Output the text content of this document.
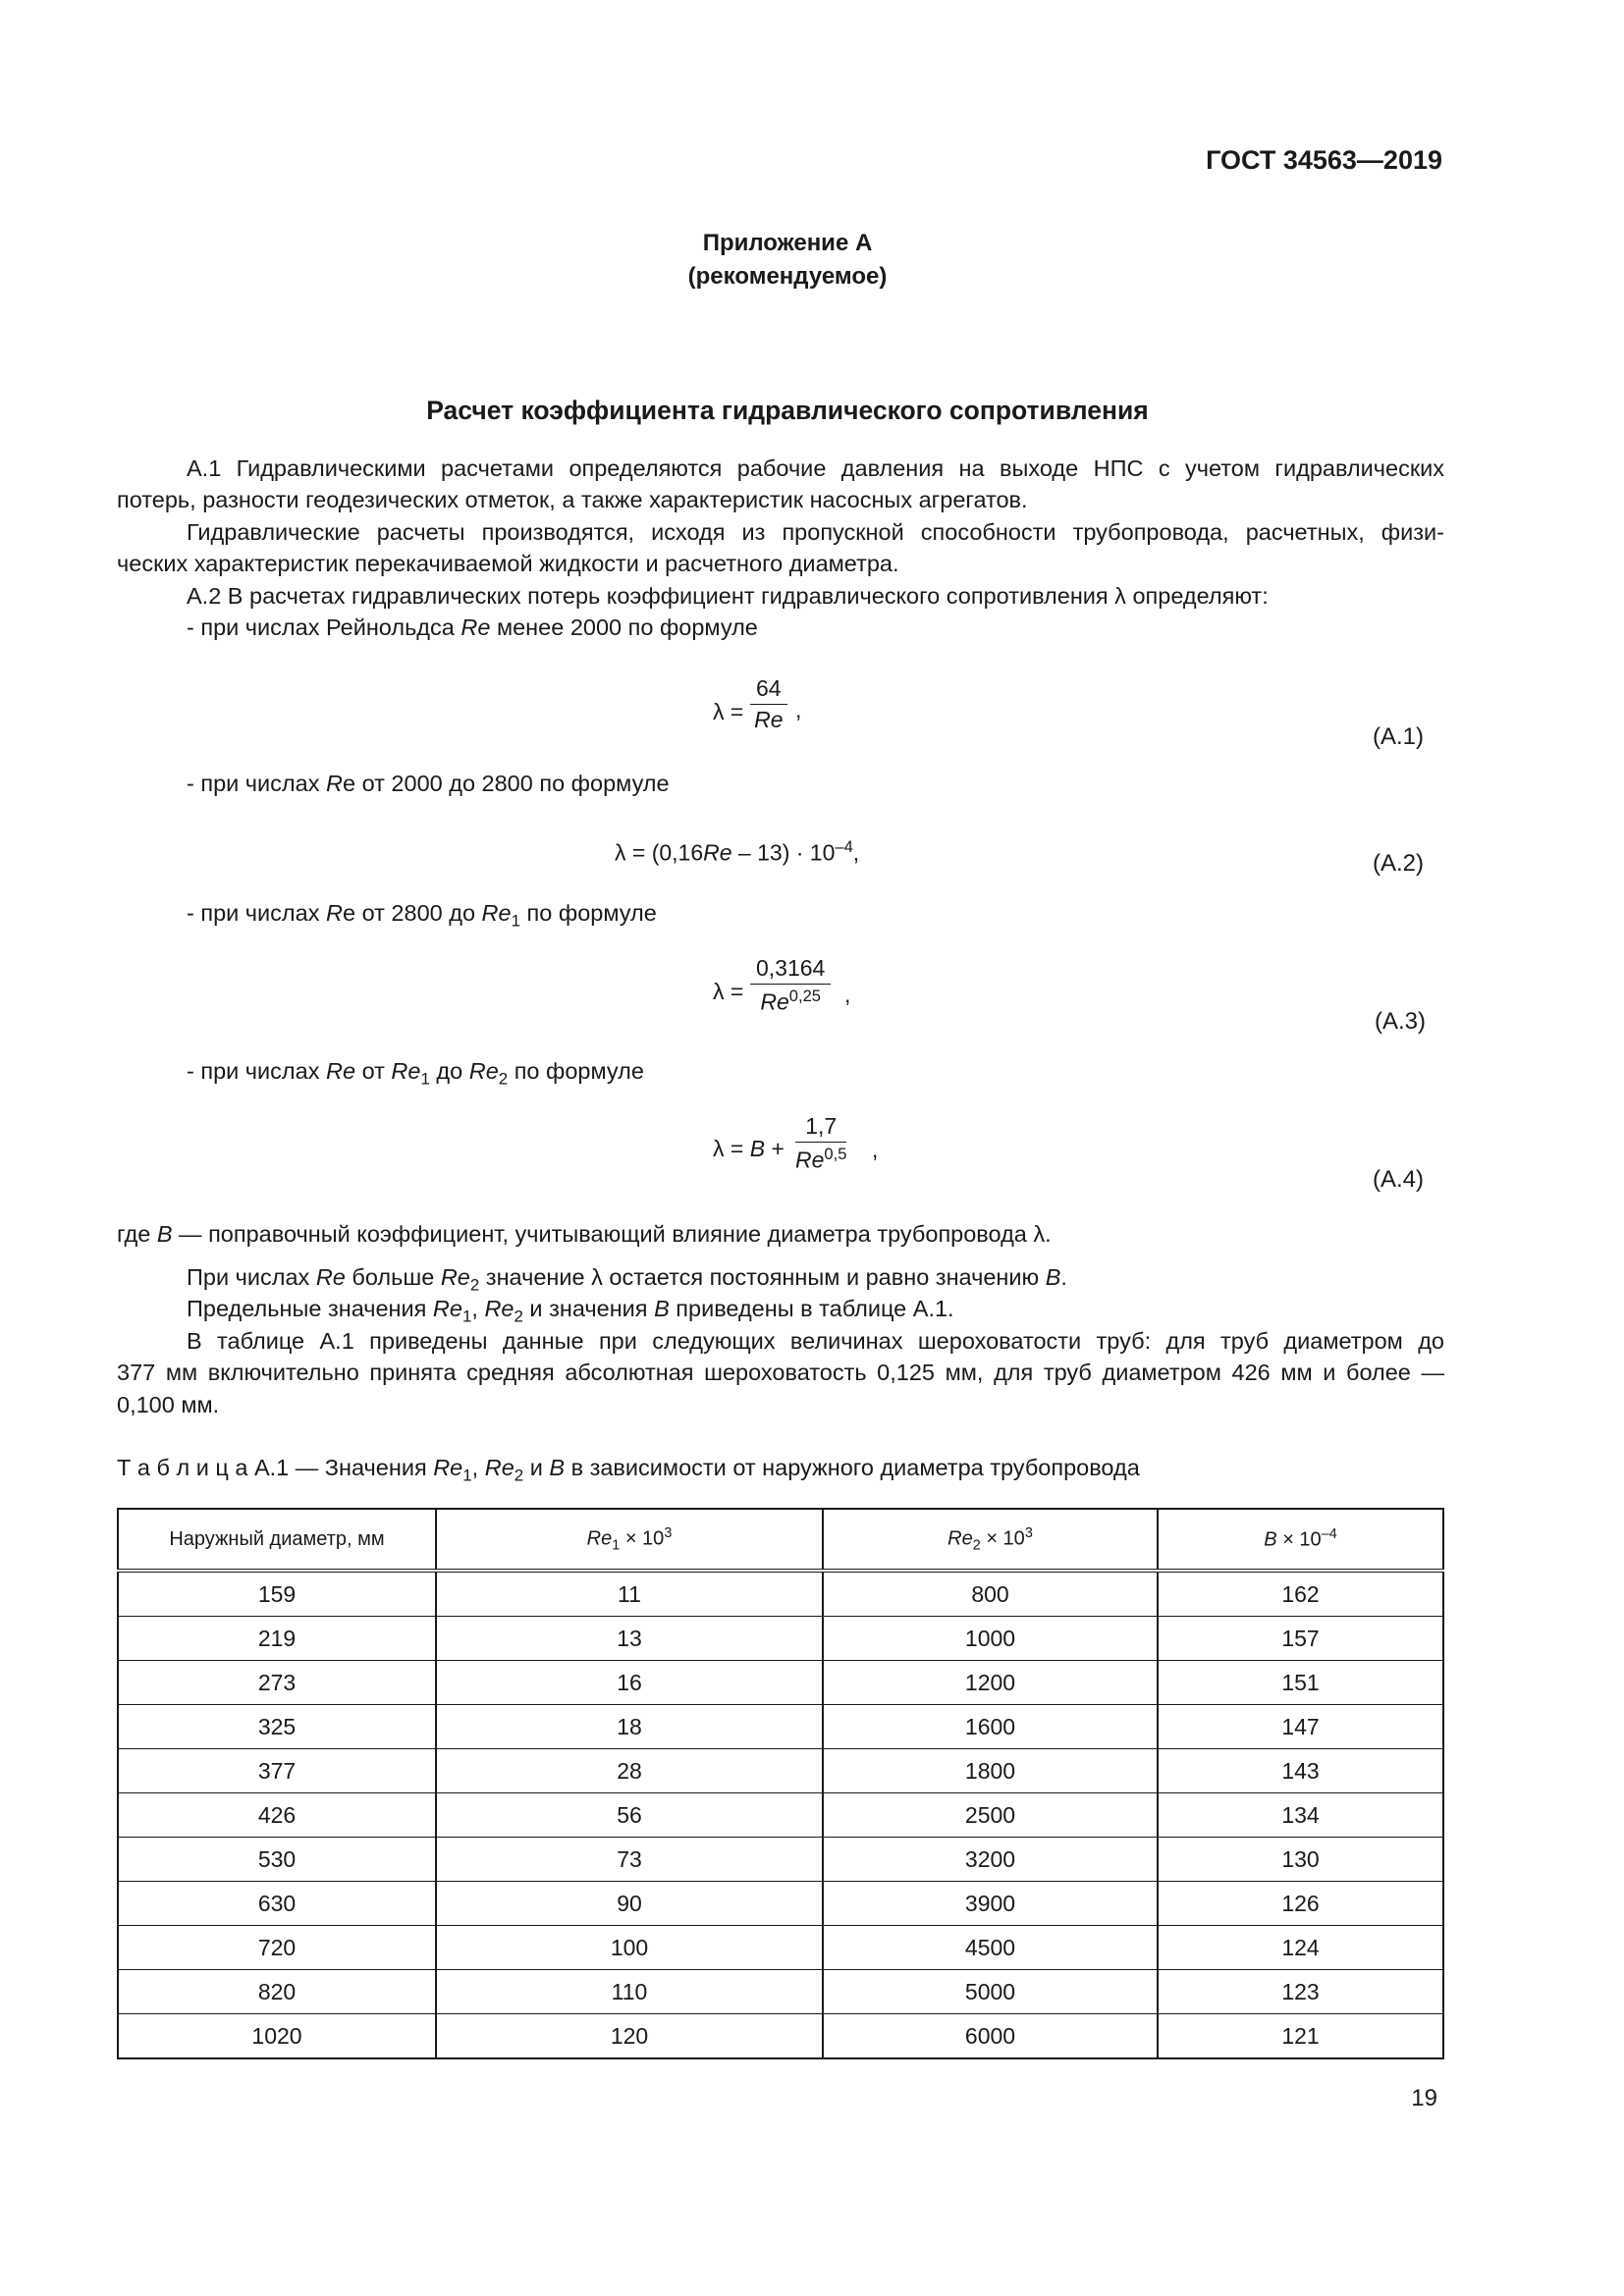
ГОСТ 34563—2019
Приложение А
(рекомендуемое)
Расчет коэффициента гидравлического сопротивления
А.1 Гидравлическими расчетами определяются рабочие давления на выходе НПС с учетом гидравлических
потерь, разности геодезических отметок, а также характеристик насосных агрегатов.
Гидравлические расчеты производятся, исходя из пропускной способности трубопровода, расчетных, физи-
ческих характеристик перекачиваемой жидкости и расчетного диаметра.
А.2 В расчетах гидравлических потерь коэффициент гидравлического сопротивления λ определяют:
- при числах Рейнольдса Re менее 2000 по формуле
$\lambda = \frac{64}{Re}$ ,
(А.1)
- при числах Re от 2000 до 2800 по формуле
$\lambda = (0,16Re - 13) \cdot 10^{-4}$,	(А.2)
- при числах Re от 2800 до $Re_1$ по формуле
$\lambda = \frac{0,3164}{Re^{0,25}}$ ,
(А.3)
- при числах Re от $Re_1$ до $Re_2$ по формуле
$\lambda = B + \frac{1,7}{Re^{0,5}}$ ,
(А.4)
где B — поправочный коэффициент, учитывающий влияние диаметра трубопровода λ.
При числах Re больше $Re_2$ значение λ остается постоянным и равно значению B.
Предельные значения $Re_1$, $Re_2$ и значения B приведены в таблице А.1.
В таблице А.1 приведены данные при следующих величинах шероховатости труб: для труб диаметром до
377 мм включительно принята средняя абсолютная шероховатость 0,125 мм, для труб диаметром 426 мм и более —
0,100 мм.
Т а б л и ц а А.1 — Значения $Re_1$, $Re_2$ и B в зависимости от наружного диаметра трубопровода
Наружный диаметр, мм	$Re_1 \times 10^3$	$Re_2 \times 10^3$	$B \times 10^{-4}$
159	11	800	162
219	13	1000	157
273	16	1200	151
325	18	1600	147
377	28	1800	143
426	56	2500	134
530	73	3200	130
630	90	3900	126
720	100	4500	124
820	110	5000	123
1020	120	6000	121
19
